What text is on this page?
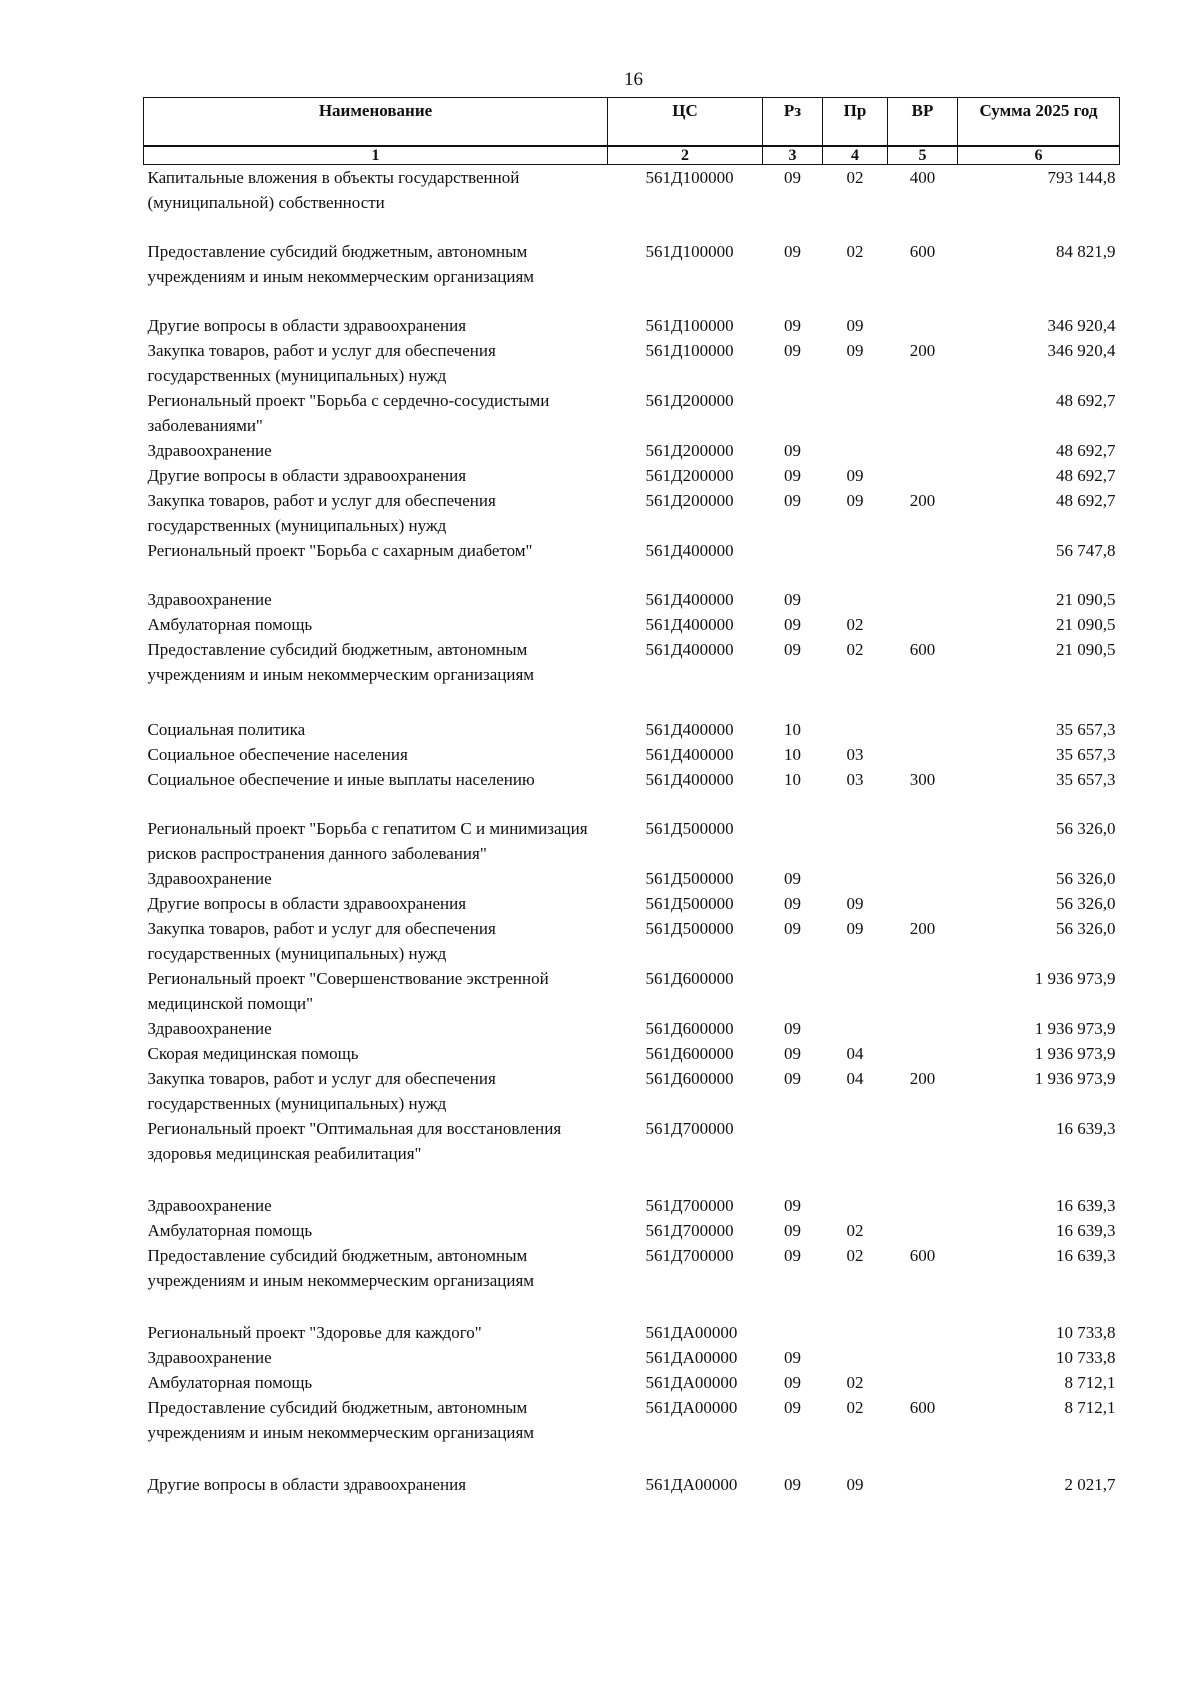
16
Наименование	ЦС	Рз	Пр	ВР	Сумма 2025 год
1	2	3	4	5	6
Капитальные вложения в объекты государственной (муниципальной) собственности	561Д100000	09	02	400	793 144,8
Предоставление субсидий бюджетным, автономным учреждениям и иным некоммерческим организациям	561Д100000	09	02	600	84 821,9
Другие вопросы в области здравоохранения	561Д100000	09	09		346 920,4
Закупка товаров, работ и услуг для обеспечения государственных (муниципальных) нужд	561Д100000	09	09	200	346 920,4
Региональный проект "Борьба с сердечно-сосудистыми заболеваниями"	561Д200000				48 692,7
Здравоохранение	561Д200000	09			48 692,7
Другие вопросы в области здравоохранения	561Д200000	09	09		48 692,7
Закупка товаров, работ и услуг для обеспечения государственных (муниципальных) нужд	561Д200000	09	09	200	48 692,7
Региональный проект "Борьба с сахарным диабетом"	561Д400000				56 747,8
Здравоохранение	561Д400000	09			21 090,5
Амбулаторная помощь	561Д400000	09	02		21 090,5
Предоставление субсидий бюджетным, автономным учреждениям и иным некоммерческим организациям	561Д400000	09	02	600	21 090,5
Социальная политика	561Д400000	10			35 657,3
Социальное обеспечение населения	561Д400000	10	03		35 657,3
Социальное обеспечение и иные выплаты населению	561Д400000	10	03	300	35 657,3
Региональный проект "Борьба с гепатитом С и минимизация рисков распространения данного заболевания"	561Д500000				56 326,0
Здравоохранение	561Д500000	09			56 326,0
Другие вопросы в области здравоохранения	561Д500000	09	09		56 326,0
Закупка товаров, работ и услуг для обеспечения государственных (муниципальных) нужд	561Д500000	09	09	200	56 326,0
Региональный проект "Совершенствование экстренной медицинской помощи"	561Д600000				1 936 973,9
Здравоохранение	561Д600000	09			1 936 973,9
Скорая медицинская помощь	561Д600000	09	04		1 936 973,9
Закупка товаров, работ и услуг для обеспечения государственных (муниципальных) нужд	561Д600000	09	04	200	1 936 973,9
Региональный проект "Оптимальная для восстановления здоровья медицинская реабилитация"	561Д700000				16 639,3
Здравоохранение	561Д700000	09			16 639,3
Амбулаторная помощь	561Д700000	09	02		16 639,3
Предоставление субсидий бюджетным, автономным учреждениям и иным некоммерческим организациям	561Д700000	09	02	600	16 639,3
Региональный проект "Здоровье для каждого"	561ДА00000				10 733,8
Здравоохранение	561ДА00000	09			10 733,8
Амбулаторная помощь	561ДА00000	09	02		8 712,1
Предоставление субсидий бюджетным, автономным учреждениям и иным некоммерческим организациям	561ДА00000	09	02	600	8 712,1
Другие вопросы в области здравоохранения	561ДА00000	09	09		2 021,7
